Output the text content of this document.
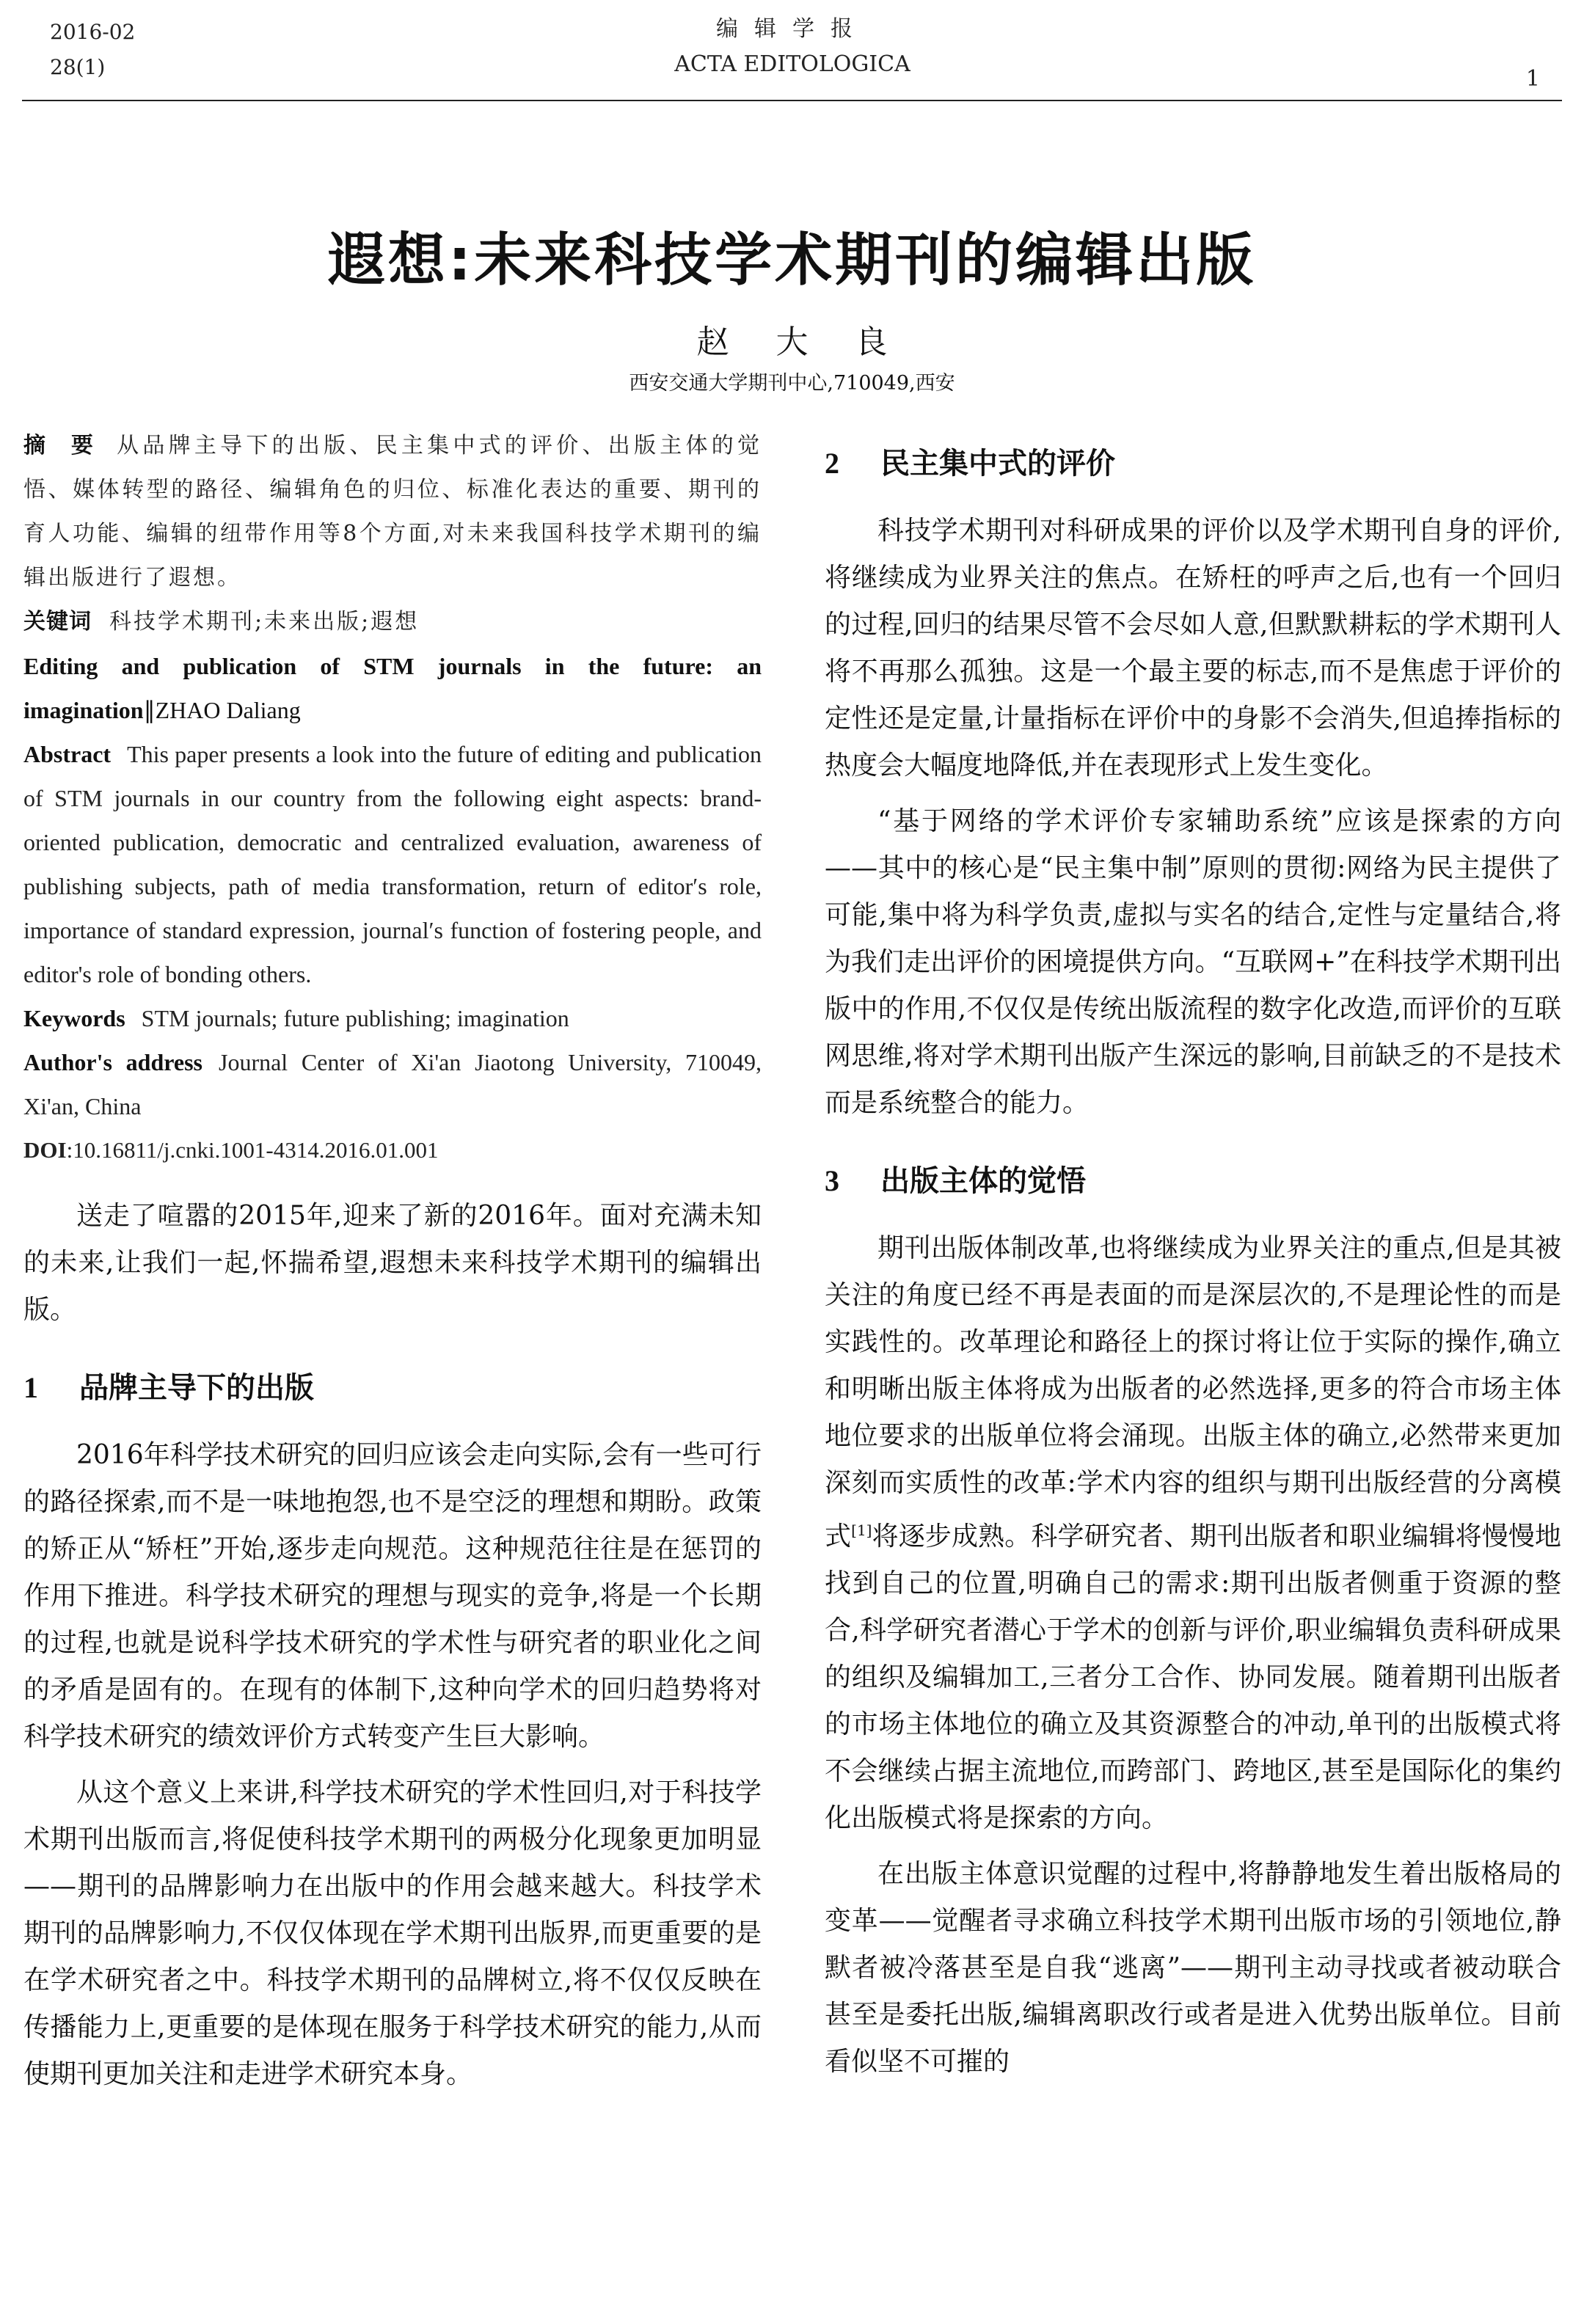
2016-02
28(1)
编辑学报
ACTA EDITOLOGICA
1
遐想:未来科技学术期刊的编辑出版
赵大良
西安交通大学期刊中心,710049,西安
摘 要 从品牌主导下的出版、民主集中式的评价、出版主体的觉悟、媒体转型的路径、编辑角色的归位、标准化表达的重要、期刊的育人功能、编辑的纽带作用等8个方面,对未来我国科技学术期刊的编辑出版进行了遐想。
关键词 科技学术期刊;未来出版;遐想
Editing and publication of STM journals in the future: an imagination∥ZHAO Daliang
Abstract This paper presents a look into the future of editing and publication of STM journals in our country from the following eight aspects: brand-oriented publication, democratic and centralized evaluation, awareness of publishing subjects, path of media transformation, return of editor′s role, importance of standard expression, journal′s function of fostering people, and editor's role of bonding others.
Keywords STM journals; future publishing; imagination
Author's address Journal Center of Xi'an Jiaotong University, 710049, Xi'an, China
DOI:10.16811/j.cnki.1001-4314.2016.01.001

送走了喧嚣的2015年,迎来了新的2016年。面对充满未知的未来,让我们一起,怀揣希望,遐想未来科技学术期刊的编辑出版。

1 品牌主导下的出版

2016年科学技术研究的回归应该会走向实际,会有一些可行的路径探索,而不是一味地抱怨,也不是空泛的理想和期盼。政策的矫正从“矫枉”开始,逐步走向规范。这种规范往往是在惩罚的作用下推进。科学技术研究的理想与现实的竞争,将是一个长期的过程,也就是说科学技术研究的学术性与研究者的职业化之间的矛盾是固有的。在现有的体制下,这种向学术的回归趋势将对科学技术研究的绩效评价方式转变产生巨大影响。

从这个意义上来讲,科学技术研究的学术性回归,对于科技学术期刊出版而言,将促使科技学术期刊的两极分化现象更加明显——期刊的品牌影响力在出版中的作用会越来越大。科技学术期刊的品牌影响力,不仅仅体现在学术期刊出版界,而更重要的是在学术研究者之中。科技学术期刊的品牌树立,将不仅仅反映在传播能力上,更重要的是体现在服务于科学技术研究的能力,从而使期刊更加关注和走进学术研究本身。

2 民主集中式的评价

科技学术期刊对科研成果的评价以及学术期刊自身的评价,将继续成为业界关注的焦点。在矫枉的呼声之后,也有一个回归的过程,回归的结果尽管不会尽如人意,但默默耕耘的学术期刊人将不再那么孤独。这是一个最主要的标志,而不是焦虑于评价的定性还是定量,计量指标在评价中的身影不会消失,但追捧指标的热度会大幅度地降低,并在表现形式上发生变化。

“基于网络的学术评价专家辅助系统”应该是探索的方向——其中的核心是“民主集中制”原则的贯彻:网络为民主提供了可能,集中将为科学负责,虚拟与实名的结合,定性与定量结合,将为我们走出评价的困境提供方向。“互联网+”在科技学术期刊出版中的作用,不仅仅是传统出版流程的数字化改造,而评价的互联网思维,将对学术期刊出版产生深远的影响,目前缺乏的不是技术而是系统整合的能力。

3 出版主体的觉悟

期刊出版体制改革,也将继续成为业界关注的重点,但是其被关注的角度已经不再是表面的而是深层次的,不是理论性的而是实践性的。改革理论和路径上的探讨将让位于实际的操作,确立和明晰出版主体将成为出版者的必然选择,更多的符合市场主体地位要求的出版单位将会涌现。出版主体的确立,必然带来更加深刻而实质性的改革:学术内容的组织与期刊出版经营的分离模式[1]将逐步成熟。科学研究者、期刊出版者和职业编辑将慢慢地找到自己的位置,明确自己的需求:期刊出版者侧重于资源的整合,科学研究者潜心于学术的创新与评价,职业编辑负责科研成果的组织及编辑加工,三者分工合作、协同发展。随着期刊出版者的市场主体地位的确立及其资源整合的冲动,单刊的出版模式将不会继续占据主流地位,而跨部门、跨地区,甚至是国际化的集约化出版模式将是探索的方向。

在出版主体意识觉醒的过程中,将静静地发生着出版格局的变革——觉醒者寻求确立科技学术期刊出版市场的引领地位,静默者被冷落甚至是自我“逃离”——期刊主动寻找或者被动联合甚至是委托出版,编辑离职改行或者是进入优势出版单位。目前看似坚不可摧的
